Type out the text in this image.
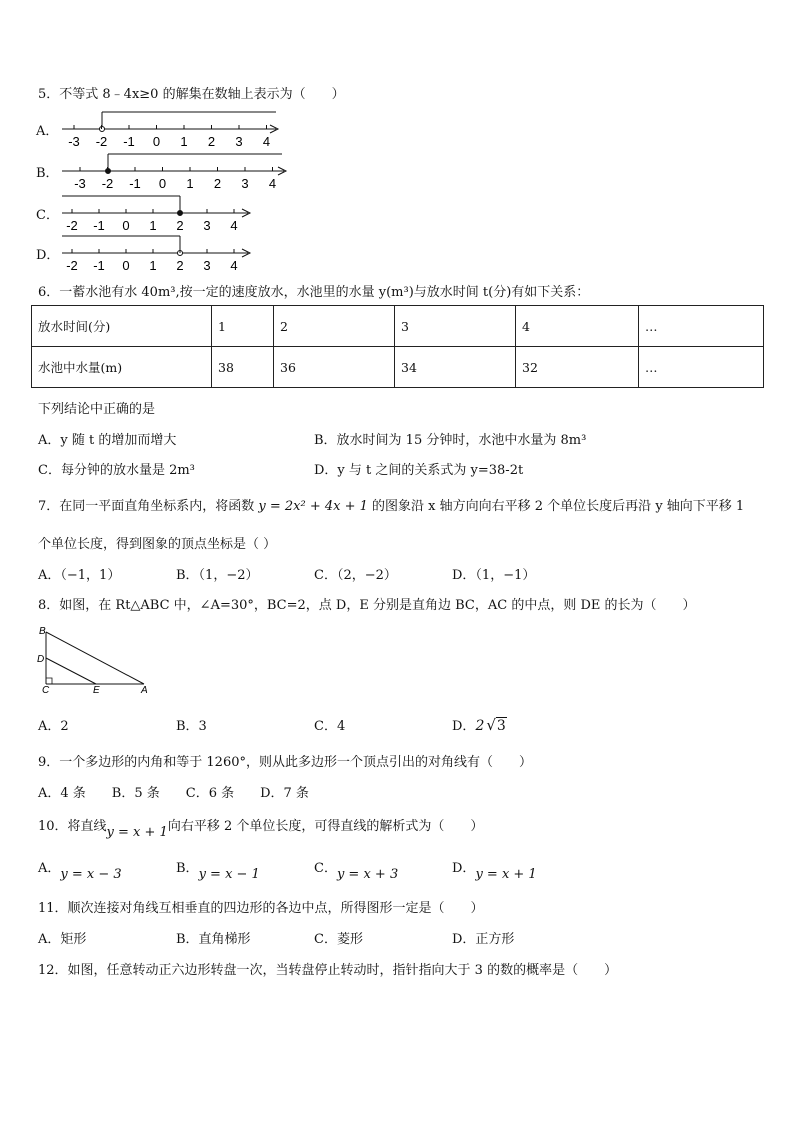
5．不等式 8﹣4x≥0 的解集在数轴上表示为（　　）
A．
-3 -2 -1 0 1 2 3 4
B．
-3 -2 -1 0 1 2 3 4
C．
-2 -1 0 1 2 3 4
D．
-2 -1 0 1 2 3 4
6．一蓄水池有水 40m³,按一定的速度放水，水池里的水量 y(m³)与放水时间 t(分)有如下关系：
放水时间(分)	1	2	3	4	…
水池中水量(m)	38	36	34	32	…
下列结论中正确的是
A．y 随 t 的增加而增大	B．放水时间为 15 分钟时，水池中水量为 8m³
C．每分钟的放水量是 2m³	D．y 与 t 之间的关系式为 y=38-2t
7．在同一平面直角坐标系内，将函数 y = 2x² + 4x + 1 的图象沿 x 轴方向向右平移 2 个单位长度后再沿 y 轴向下平移 1
个单位长度，得到图象的顶点坐标是（ ）
A．（−1，1）	B．（1，−2）	C．（2，−2）	D．（1，−1）
8．如图，在 Rt△ABC 中，∠A=30°，BC=2，点 D，E 分别是直角边 BC，AC 的中点，则 DE 的长为（　　）
B
D
C	E	A
A．2	B．3	C．4	D．2 √3
9．一个多边形的内角和等于 1260°，则从此多边形一个顶点引出的对角线有（　　）
A．4 条　　B．5 条　　C．6 条　　D．7 条
10．将直线y = x + 1向右平移 2 个单位长度，可得直线的解析式为（　　）
A．y = x − 3	B．y = x − 1	C．y = x + 3	D．y = x + 1
11．顺次连接对角线互相垂直的四边形的各边中点，所得图形一定是（　　）
A．矩形	B．直角梯形	C．菱形	D．正方形
12．如图，任意转动正六边形转盘一次，当转盘停止转动时，指针指向大于 3 的数的概率是（　　）
